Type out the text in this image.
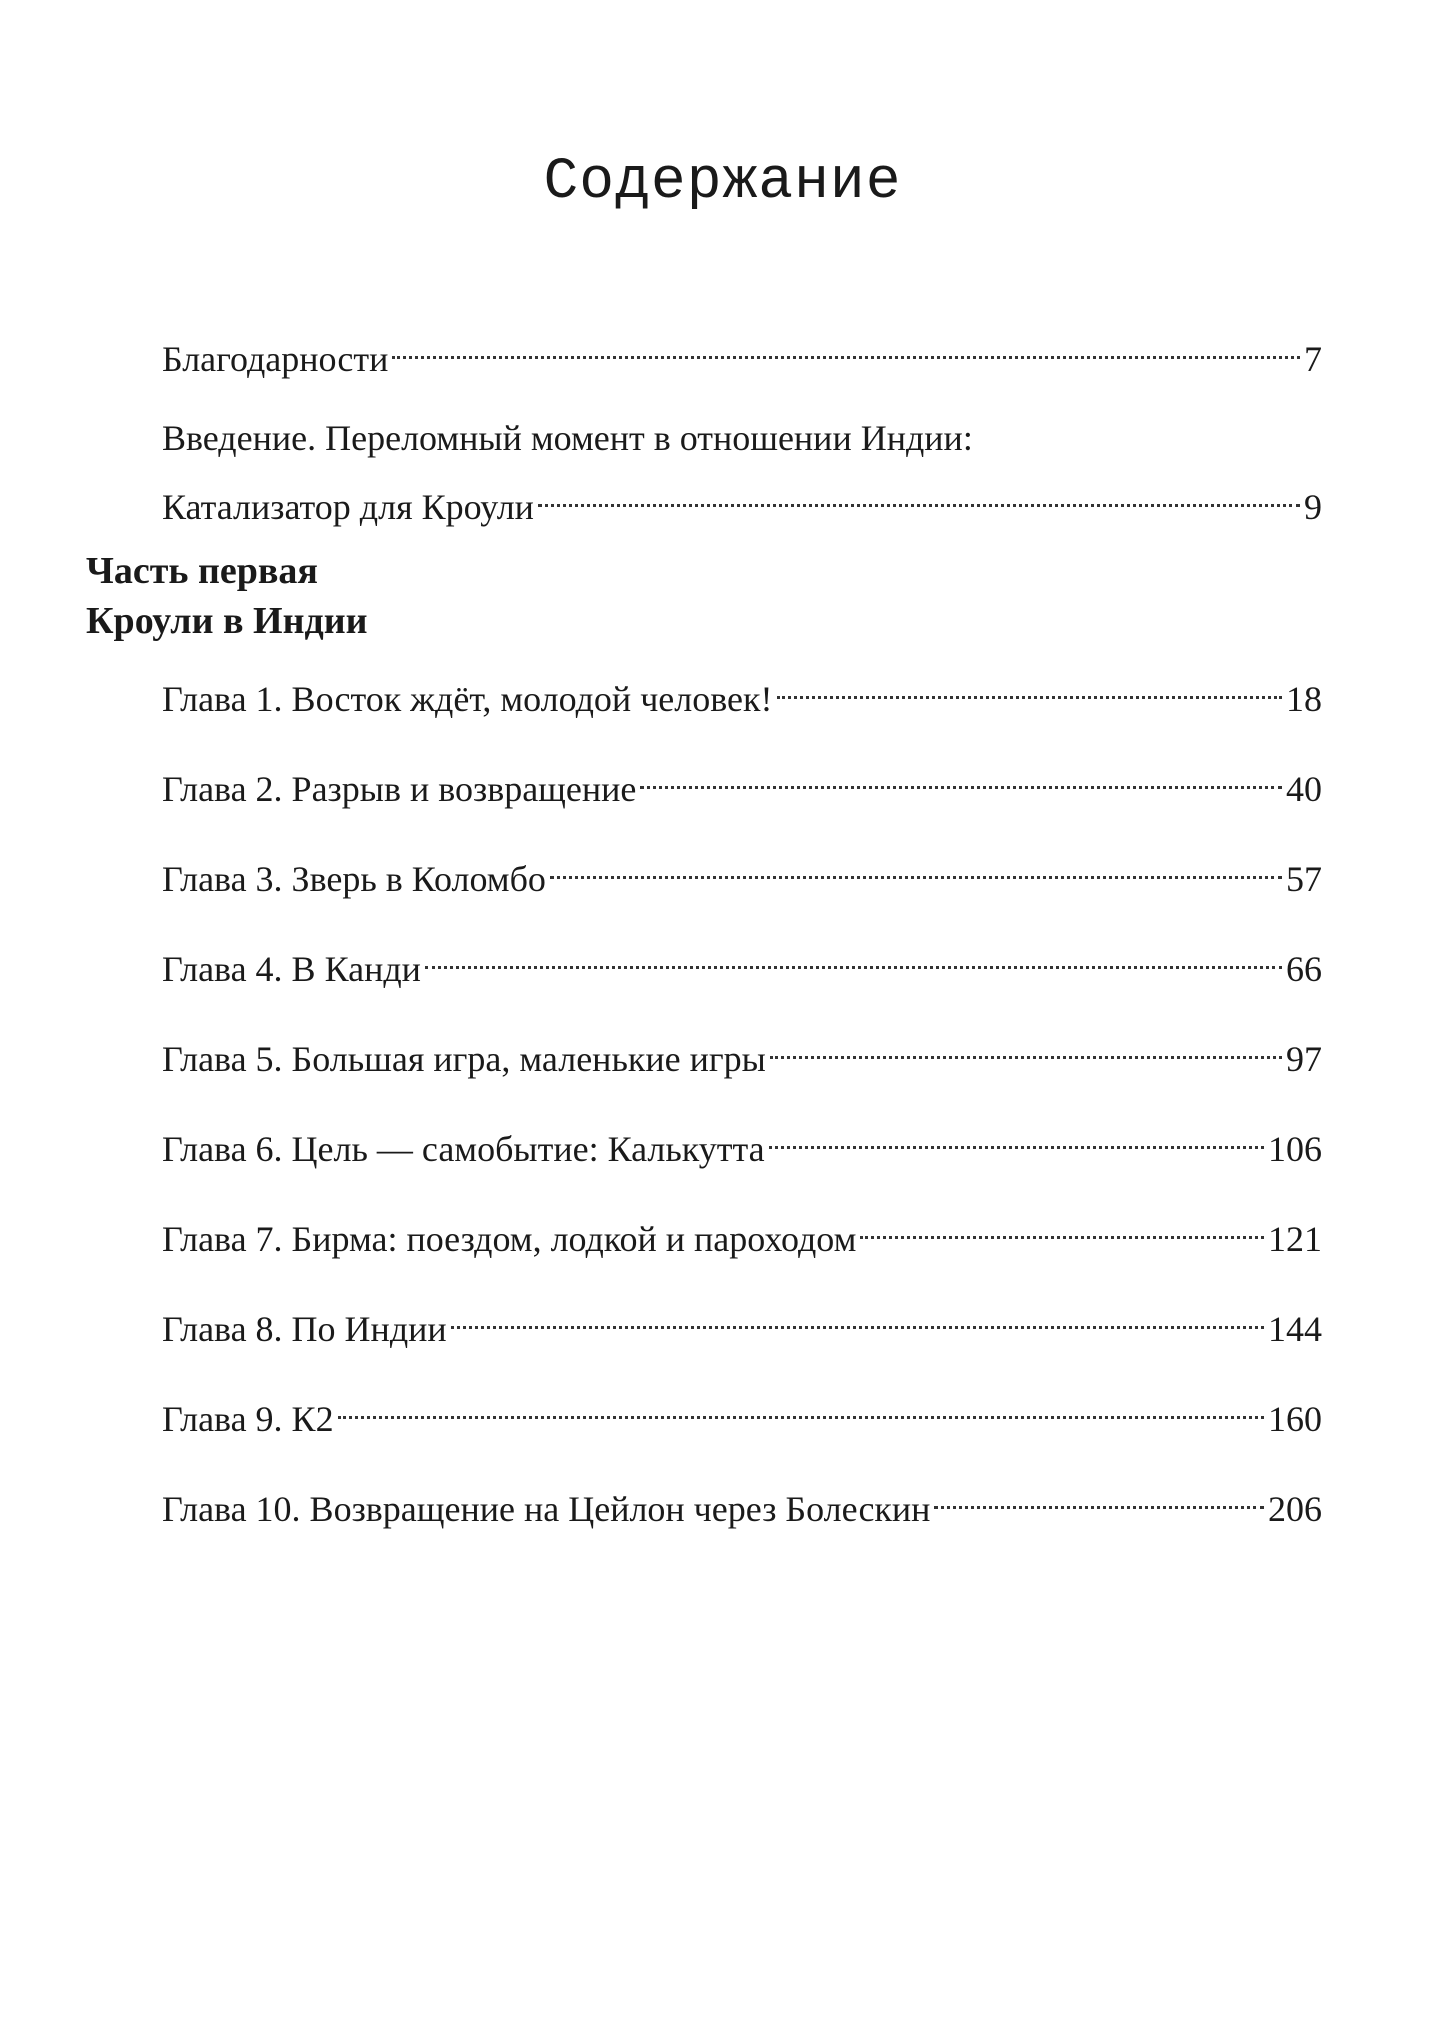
Содержание
Благодарности	7
Введение. Переломный момент в отношении Индии:
Катализатор для Кроули	9
Часть первая
Кроули в Индии
Глава 1. Восток ждёт, молодой человек!	18
Глава 2. Разрыв и возвращение	40
Глава 3. Зверь в Коломбо	57
Глава 4. В Канди	66
Глава 5. Большая игра, маленькие игры	97
Глава 6. Цель — самобытие: Калькутта	106
Глава 7. Бирма: поездом, лодкой и пароходом	121
Глава 8. По Индии	144
Глава 9. К2	160
Глава 10. Возвращение на Цейлон через Болескин	206
